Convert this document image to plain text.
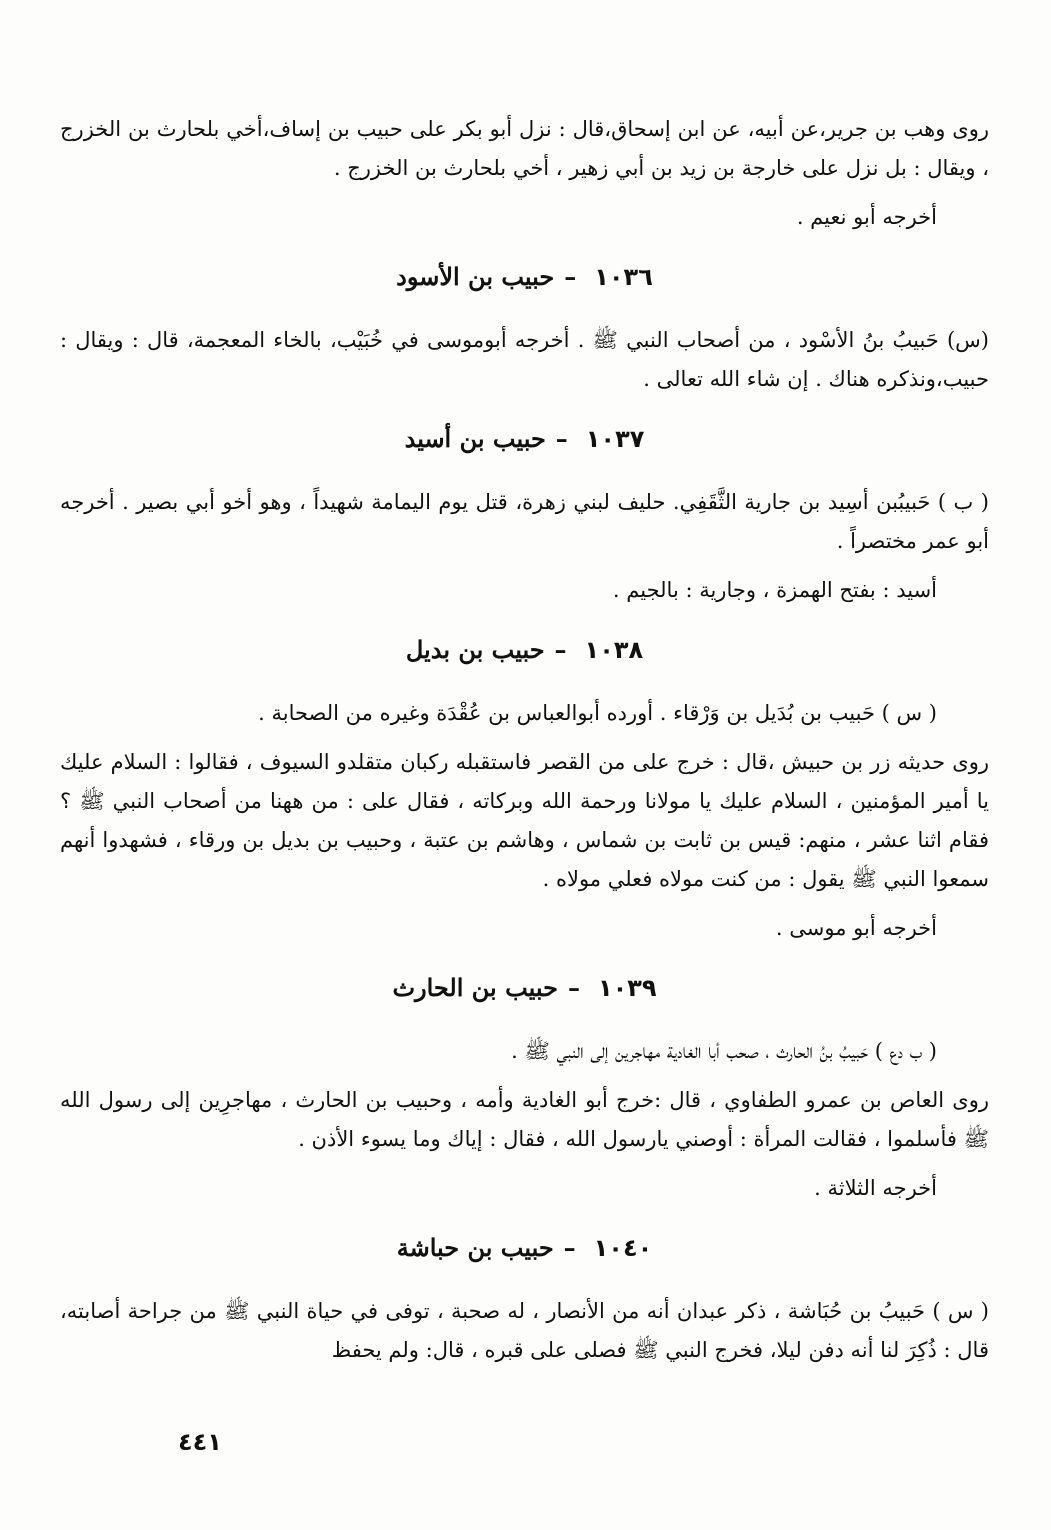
روى وهب بن جرير،عن أبيه، عن ابن إسحاق،قال : نزل أبو بكر على حبيب بن إساف،أخي بلحارث بن الخزرج ، ويقال : بل نزل على خارجة بن زيد بن أبي زهير ، أخي بلحارث بن الخزرج .

أخرجه أبو نعيم .

١٠٣٦–حبيب بن الأسود

(س) حَبيبُ بنُ الأسْود ، من أصحاب النبي ﷺ . أخرجه أبوموسى في خُبَيْب، بالخاء المعجمة، قال : ويقال : حبيب،ونذكره هناك . إن شاء الله تعالى .

١٠٣٧–حبيب بن أسيد

( ب ) حَبيبُبن أسِيد بن جارية الثَّقَفِي. حليف لبني زهرة، قتل يوم اليمامة شهيداً ، وهو أخو أبي بصير . أخرجه أبو عمر مختصراً .

أسيد : بفتح الهمزة ، وجارية : بالجيم .

١٠٣٨–حبيب بن بديل

( س ) حَبيب بن بُدَيل بن وَرْقاء . أورده أبوالعباس بن عُقْدَة وغيره من الصحابة .

روى حديثه زر بن حبيش ،قال : خرج على من القصر فاستقبله ركبان متقلدو السيوف ، فقالوا : السلام عليك يا أمير المؤمنين ، السلام عليك يا مولانا ورحمة الله وبركاته ، فقال على : من ههنا من أصحاب النبي ﷺ ؟ فقام اثنا عشر ، منهم: قيس بن ثابت بن شماس ، وهاشم بن عتبة ، وحبيب بن بديل بن ورقاء ، فشهدوا أنهم سمعوا النبي ﷺ يقول : من كنت مولاه فعلي مولاه .

أخرجه أبو موسى .

١٠٣٩–حبيب بن الحارث

( ب دع ) حَبيبُ بنُ الحارث ، صحب أبا الغادية مهاجرين إلى النبي ﷺ .

روى العاص بن عمرو الطفاوي ، قال :خرج أبو الغادية وأمه ، وحبيب بن الحارث ، مهاجرِين إلى رسول الله ﷺ فأسلموا ، فقالت المرأة : أوصني يارسول الله ، فقال : إياك وما يسوء الأذن .

أخرجه الثلاثة .

١٠٤٠–حبيب بن حباشة

( س ) حَبيبُ بن حُبَاشة ، ذكر عبدان أنه من الأنصار ، له صحبة ، توفى في حياة النبي ﷺ من جراحة أصابته، قال : ذُكِرَ لنا أنه دفن ليلا، فخرج النبي ﷺ فصلى على قبره ، قال: ولم يحفظ

٤٤١
